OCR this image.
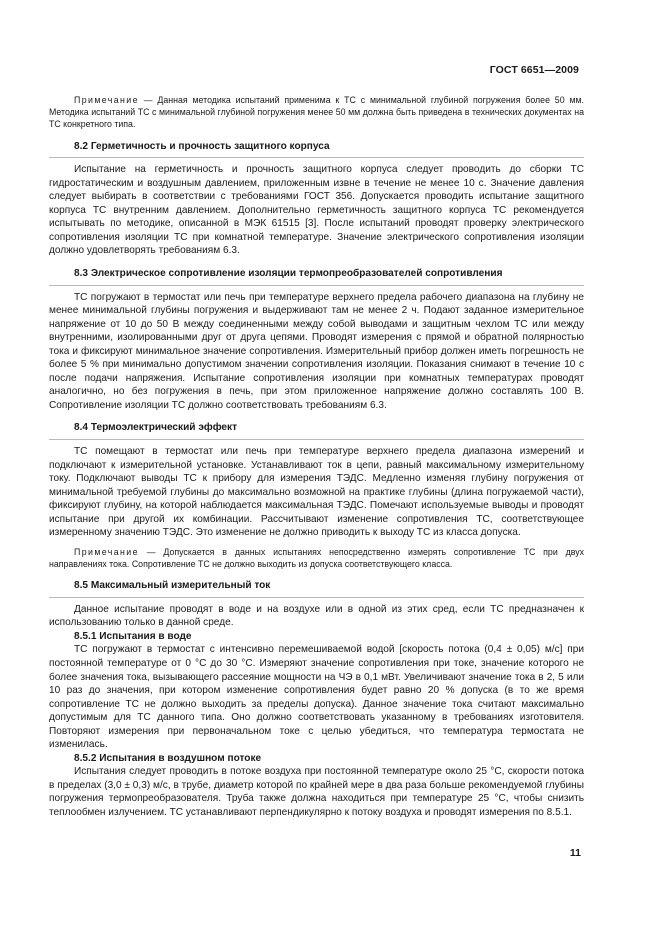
ГОСТ 6651—2009

Примечание — Данная методика испытаний применима к ТС с минимальной глубиной погружения более 50 мм. Методика испытаний ТС с минимальной глубиной погружения менее 50 мм должна быть приведена в технических документах на ТС конкретного типа.

8.2 Герметичность и прочность защитного корпуса

Испытание на герметичность и прочность защитного корпуса следует проводить до сборки ТС гидростатическим и воздушным давлением, приложенным извне в течение не менее 10 с. Значение давления следует выбирать в соответствии с требованиями ГОСТ 356. Допускается проводить испытание защитного корпуса ТС внутренним давлением. Дополнительно герметичность защитного корпуса ТС рекомендуется испытывать по методике, описанной в МЭК 61515 [3]. После испытаний проводят проверку электрического сопротивления изоляции ТС при комнатной температуре. Значение электрического сопротивления изоляции должно удовлетворять требованиям 6.3.

8.3 Электрическое сопротивление изоляции термопреобразователей сопротивления

ТС погружают в термостат или печь при температуре верхнего предела рабочего диапазона на глубину не менее минимальной глубины погружения и выдерживают там не менее 2 ч. Подают заданное измерительное напряжение от 10 до 50 В между соединенными между собой выводами и защитным чехлом ТС или между внутренними, изолированными друг от друга цепями. Проводят измерения с прямой и обратной полярностью тока и фиксируют минимальное значение сопротивления. Измерительный прибор должен иметь погрешность не более 5 % при минимально допустимом значении сопротивления изоляции. Показания снимают в течение 10 с после подачи напряжения. Испытание сопротивления изоляции при комнатных температурах проводят аналогично, но без погружения в печь, при этом приложенное напряжение должно составлять 100 В. Сопротивление изоляции ТС должно соответствовать требованиям 6.3.

8.4 Термоэлектрический эффект

ТС помещают в термостат или печь при температуре верхнего предела диапазона измерений и подключают к измерительной установке. Устанавливают ток в цепи, равный максимальному измерительному току. Подключают выводы ТС к прибору для измерения ТЭДС. Медленно изменяя глубину погружения от минимальной требуемой глубины до максимально возможной на практике глубины (длина погружаемой части), фиксируют глубину, на которой наблюдается максимальная ТЭДС. Помечают используемые выводы и проводят испытание при другой их комбинации. Рассчитывают изменение сопротивления ТС, соответствующее измеренному значению ТЭДС. Это изменение не должно приводить к выходу ТС из класса допуска.

Примечание — Допускается в данных испытаниях непосредственно измерять сопротивление ТС при двух направлениях тока. Сопротивление ТС не должно выходить из допуска соответствующего класса.

8.5 Максимальный измерительный ток

Данное испытание проводят в воде и на воздухе или в одной из этих сред, если ТС предназначен к использованию только в данной среде.

8.5.1 Испытания в воде

ТС погружают в термостат с интенсивно перемешиваемой водой [скорость потока (0,4 ± 0,05) м/с] при постоянной температуре от 0 °С до 30 °С. Измеряют значение сопротивления при токе, значение которого не более значения тока, вызывающего рассеяние мощности на ЧЭ в 0,1 мВт. Увеличивают значение тока в 2, 5 или 10 раз до значения, при котором изменение сопротивления будет равно 20 % допуска (в то же время сопротивление ТС не должно выходить за пределы допуска). Данное значение тока считают максимально допустимым для ТС данного типа. Оно должно соответствовать указанному в требованиях изготовителя. Повторяют измерения при первоначальном токе с целью убедиться, что температура термостата не изменилась.

8.5.2 Испытания в воздушном потоке

Испытания следует проводить в потоке воздуха при постоянной температуре около 25 °С, скорости потока в пределах (3,0 ± 0,3) м/с, в трубе, диаметр которой по крайней мере в два раза больше рекомендуемой глубины погружения термопреобразователя. Труба также должна находиться при температуре 25 °С, чтобы снизить теплообмен излучением. ТС устанавливают перпендикулярно к потоку воздуха и проводят измерения по 8.5.1.

11
